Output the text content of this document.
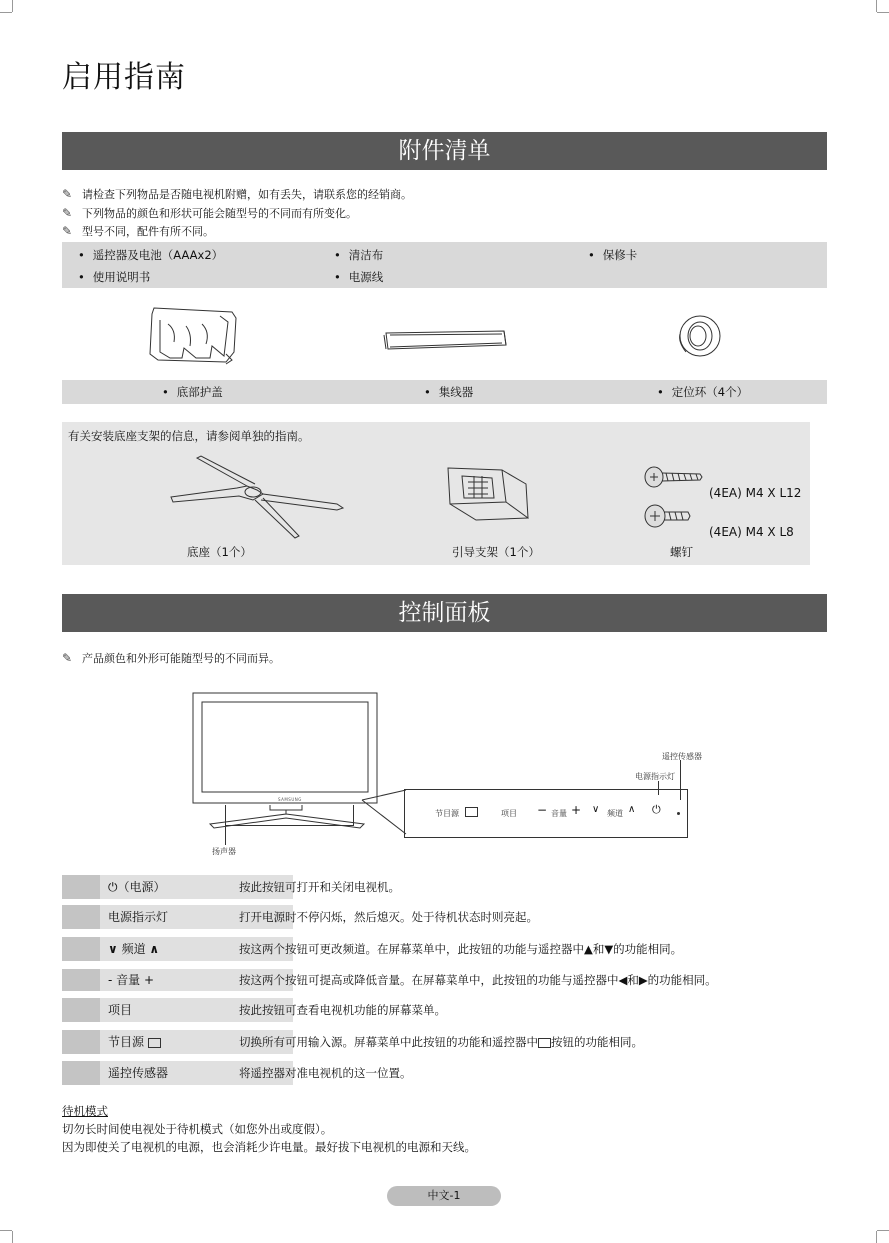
启用指南
附件清单
✎ 请检查下列物品是否随电视机附赠，如有丢失，请联系您的经销商。
✎ 下列物品的颜色和形状可能会随型号的不同而有所变化。
✎ 型号不同，配件有所不同。
• 遥控器及电池（AAAx2）	• 清洁布	• 保修卡
• 使用说明书	• 电源线
• 底部护盖	• 集线器	• 定位环（4个）
有关安装底座支架的信息，请参阅单独的指南。
底座（1个）	引导支架（1个）
(4EA) M4 X L12
(4EA) M4 X L8
螺钉
控制面板
✎ 产品颜色和外形可能随型号的不同而异。
SAMSUNG
扬声器
节目源	项目 − 音量 + ∨ 频道 ∧ ⏻
电源指示灯
遥控传感器
⏻（电源）	按此按钮可打开和关闭电视机。
电源指示灯	打开电源时不停闪烁，然后熄灭。处于待机状态时则亮起。
∨ 频道 ∧	按这两个按钮可更改频道。在屏幕菜单中，此按钮的功能与遥控器中▲和▼的功能相同。
- 音量 +	按这两个按钮可提高或降低音量。在屏幕菜单中，此按钮的功能与遥控器中◀和▶的功能相同。
项目	按此按钮可查看电视机功能的屏幕菜单。
节目源	切换所有可用输入源。屏幕菜单中此按钮的功能和遥控器中 按钮的功能相同。
遥控传感器	将遥控器对准电视机的这一位置。
待机模式
切勿长时间使电视处于待机模式（如您外出或度假）。
因为即使关了电视机的电源，也会消耗少许电量。最好拔下电视机的电源和天线。
中文-1
